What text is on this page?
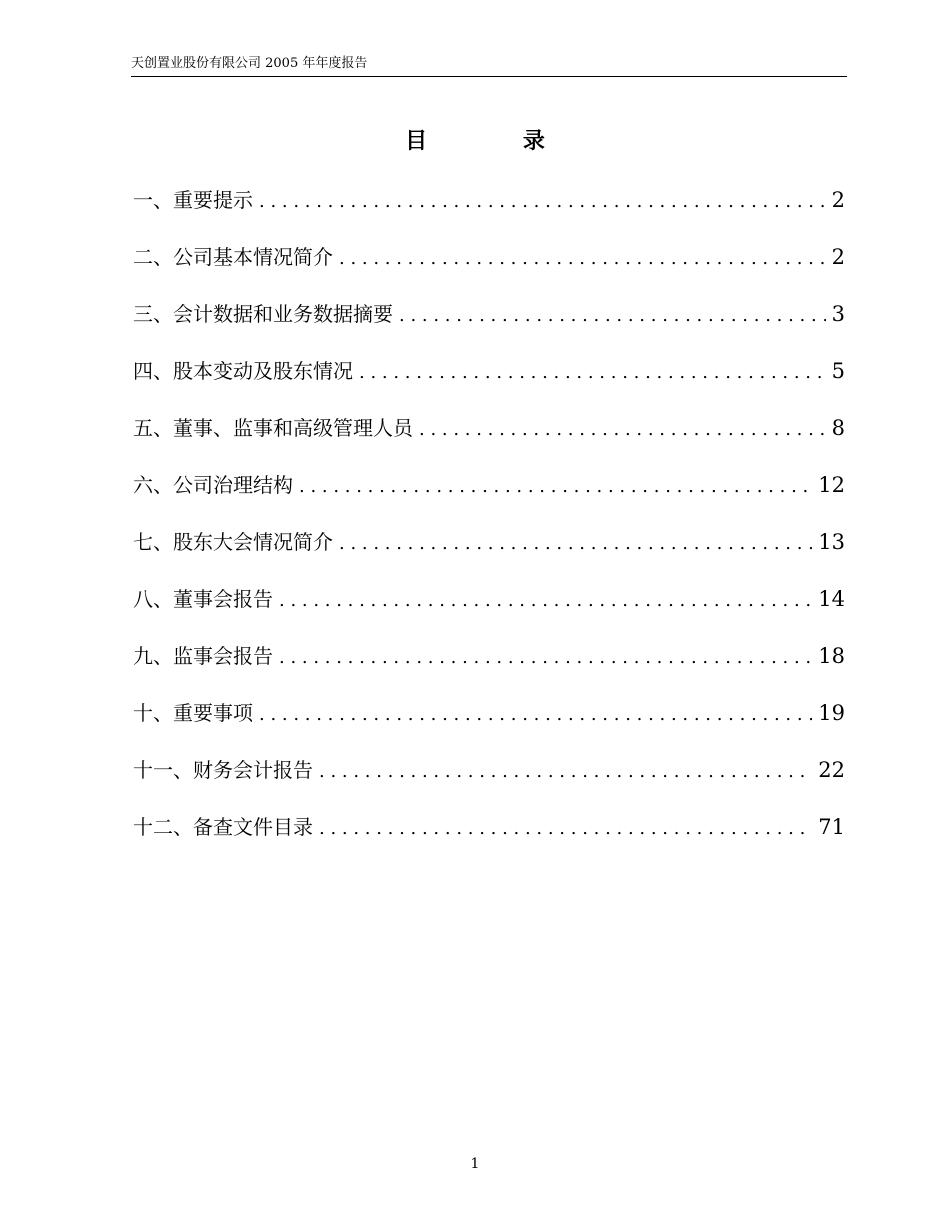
天创置业股份有限公司 2005 年年度报告
目 录
一、重要提示 . . .	2
二、公司基本情况简介 . . .	2
三、会计数据和业务数据摘要 . . .	3
四、股本变动及股东情况 . . .	5
五、董事、监事和高级管理人员 . . .	8
六、公司治理结构 . . .	12
七、股东大会情况简介 . . .	13
八、董事会报告 . . .	14
九、监事会报告 . . .	18
十、重要事项 . . .	19
十一、财务会计报告 . . .	22
十二、备查文件目录 . . .	71
1
